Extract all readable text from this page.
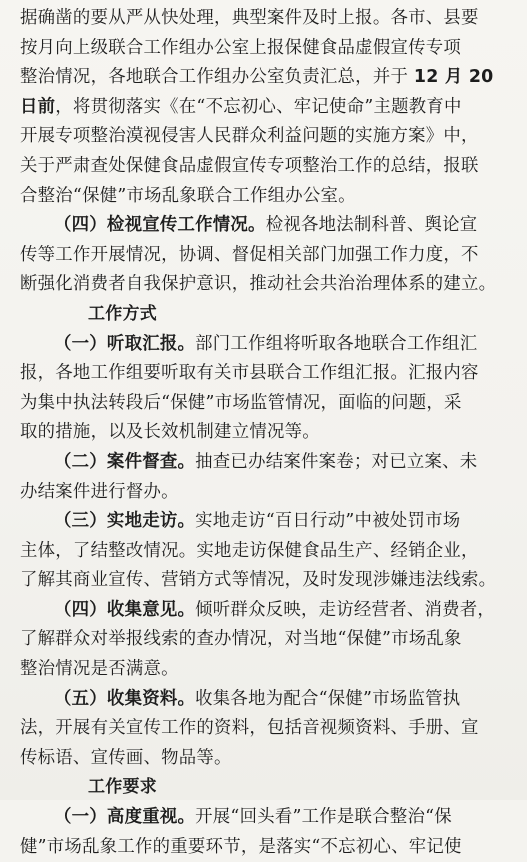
据确凿的要从严从快处理，典型案件及时上报。各市、县要
按月向上级联合工作组办公室上报保健食品虚假宣传专项
整治情况，各地联合工作组办公室负责汇总，并于 12 月 20
日前，将贯彻落实《在“不忘初心、牢记使命”主题教育中
开展专项整治漠视侵害人民群众利益问题的实施方案》中，
关于严肃查处保健食品虚假宣传专项整治工作的总结，报联
合整治“保健”市场乱象联合工作组办公室。
（四）检视宣传工作情况。检视各地法制科普、舆论宣
传等工作开展情况，协调、督促相关部门加强工作力度，不
断强化消费者自我保护意识，推动社会共治治理体系的建立。
工作方式
（一）听取汇报。部门工作组将听取各地联合工作组汇
报，各地工作组要听取有关市县联合工作组汇报。汇报内容
为集中执法转段后“保健”市场监管情况，面临的问题，采
取的措施，以及长效机制建立情况等。
（二）案件督查。抽查已办结案件案卷；对已立案、未
办结案件进行督办。
（三）实地走访。实地走访“百日行动”中被处罚市场
主体，了结整改情况。实地走访保健食品生产、经销企业，
了解其商业宣传、营销方式等情况，及时发现涉嫌违法线索。
（四）收集意见。倾听群众反映，走访经营者、消费者，
了解群众对举报线索的查办情况，对当地“保健”市场乱象
整治情况是否满意。
（五）收集资料。收集各地为配合“保健”市场监管执
法，开展有关宣传工作的资料，包括音视频资料、手册、宣
传标语、宣传画、物品等。
工作要求
（一）高度重视。开展“回头看”工作是联合整治“保
健”市场乱象工作的重要环节，是落实“不忘初心、牢记使
